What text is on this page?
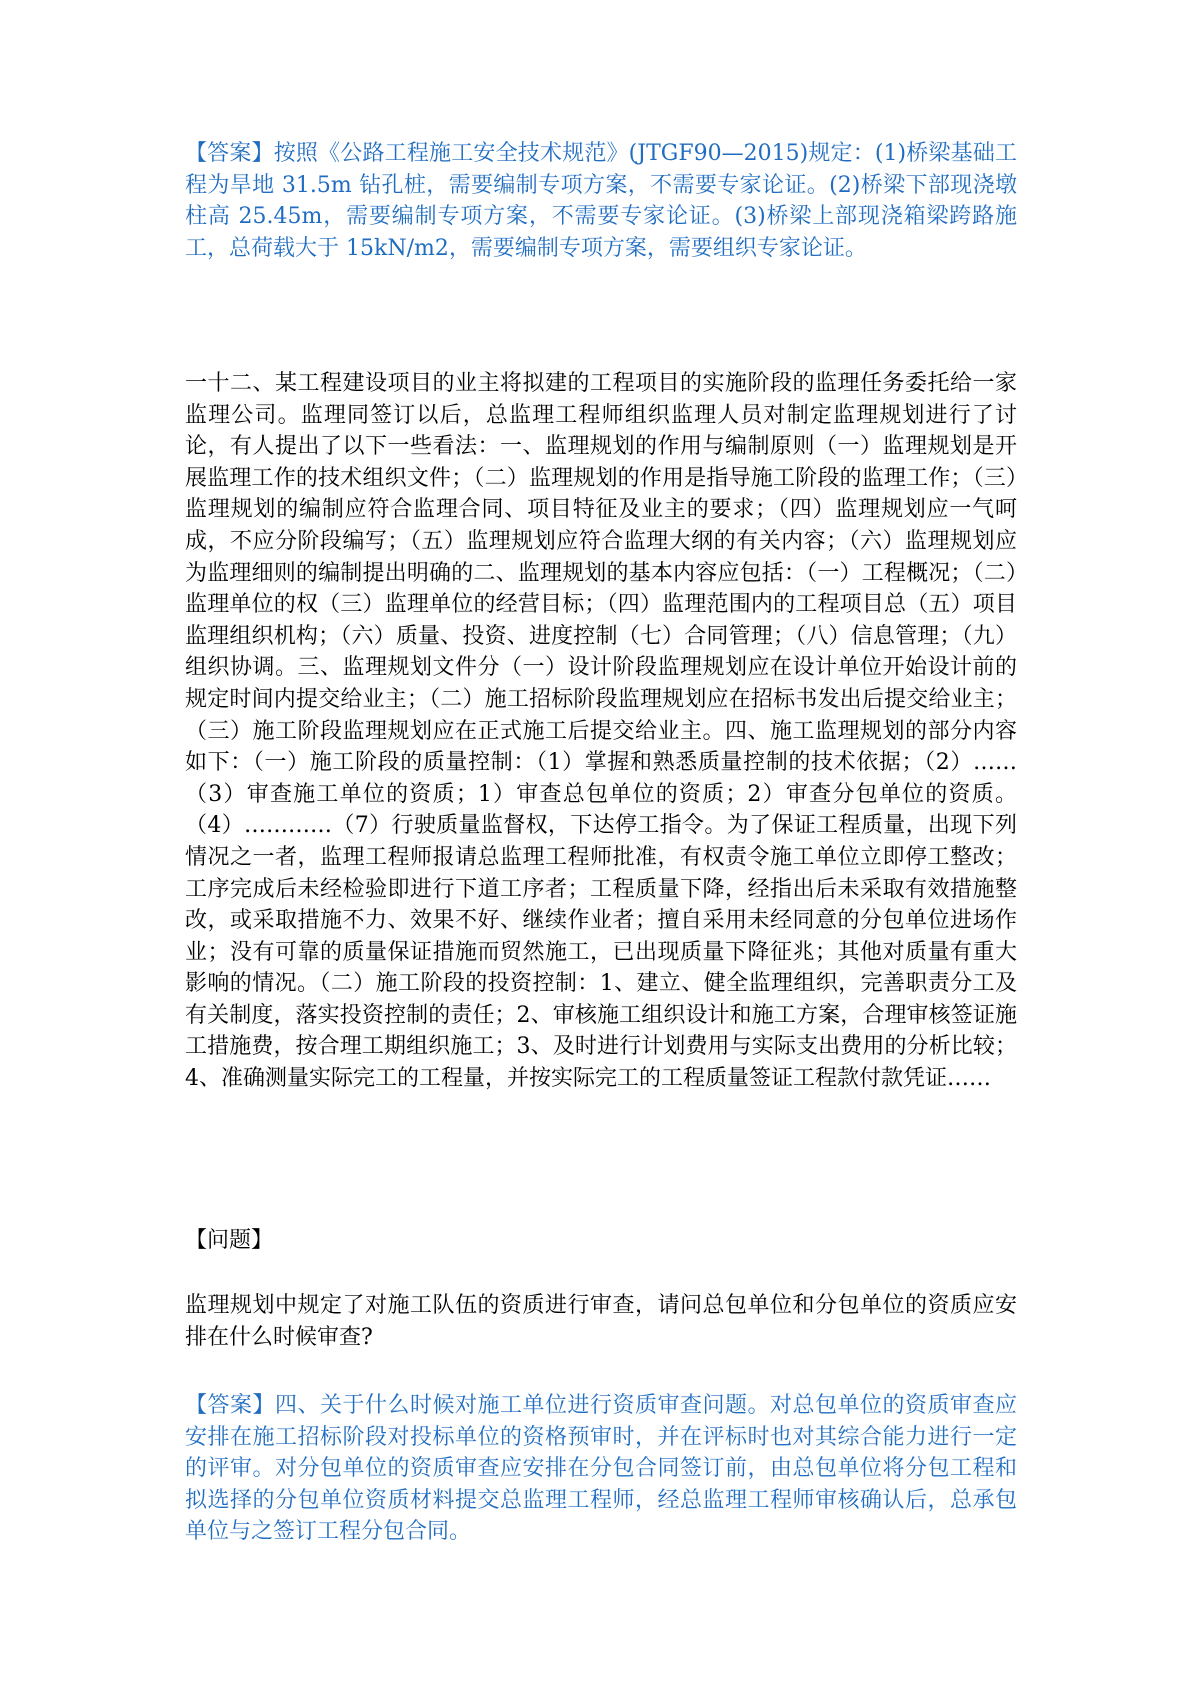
【答案】按照《公路工程施工安全技术规范》(JTGF90—2015)规定：(1)桥梁基础工程为旱地 31.5m 钻孔桩，需要编制专项方案，不需要专家论证。(2)桥梁下部现浇墩柱高 25.45m，需要编制专项方案，不需要专家论证。(3)桥梁上部现浇箱梁跨路施工，总荷载大于 15kN/m2，需要编制专项方案，需要组织专家论证。

一十二、某工程建设项目的业主将拟建的工程项目的实施阶段的监理任务委托给一家监理公司。监理同签订以后，总监理工程师组织监理人员对制定监理规划进行了讨论，有人提出了以下一些看法：一、监理规划的作用与编制原则（一）监理规划是开展监理工作的技术组织文件；（二）监理规划的作用是指导施工阶段的监理工作；（三）监理规划的编制应符合监理合同、项目特征及业主的要求；（四）监理规划应一气呵成，不应分阶段编写；（五）监理规划应符合监理大纲的有关内容；（六）监理规划应为监理细则的编制提出明确的二、监理规划的基本内容应包括：（一）工程概况；（二）监理单位的权（三）监理单位的经营目标；（四）监理范围内的工程项目总（五）项目监理组织机构；（六）质量、投资、进度控制（七）合同管理；（八）信息管理；（九）组织协调。三、监理规划文件分（一）设计阶段监理规划应在设计单位开始设计前的规定时间内提交给业主；（二）施工招标阶段监理规划应在招标书发出后提交给业主；（三）施工阶段监理规划应在正式施工后提交给业主。四、施工监理规划的部分内容如下：（一）施工阶段的质量控制：（1）掌握和熟悉质量控制的技术依据；（2）……（3）审查施工单位的资质；1）审查总包单位的资质；2）审查分包单位的资质。（4）…………（7）行驶质量监督权，下达停工指令。为了保证工程质量，出现下列情况之一者，监理工程师报请总监理工程师批准，有权责令施工单位立即停工整改；工序完成后未经检验即进行下道工序者；工程质量下降，经指出后未采取有效措施整改，或采取措施不力、效果不好、继续作业者；擅自采用未经同意的分包单位进场作业；没有可靠的质量保证措施而贸然施工，已出现质量下降征兆；其他对质量有重大影响的情况。（二）施工阶段的投资控制：1、建立、健全监理组织，完善职责分工及有关制度，落实投资控制的责任；2、审核施工组织设计和施工方案，合理审核签证施工措施费，按合理工期组织施工；3、及时进行计划费用与实际支出费用的分析比较；4、准确测量实际完工的工程量，并按实际完工的工程质量签证工程款付款凭证……

【问题】

监理规划中规定了对施工队伍的资质进行审查，请问总包单位和分包单位的资质应安排在什么时候审查?

【答案】四、关于什么时候对施工单位进行资质审查问题。对总包单位的资质审查应安排在施工招标阶段对投标单位的资格预审时，并在评标时也对其综合能力进行一定的评审。对分包单位的资质审查应安排在分包合同签订前，由总包单位将分包工程和拟选择的分包单位资质材料提交总监理工程师，经总监理工程师审核确认后，总承包单位与之签订工程分包合同。
